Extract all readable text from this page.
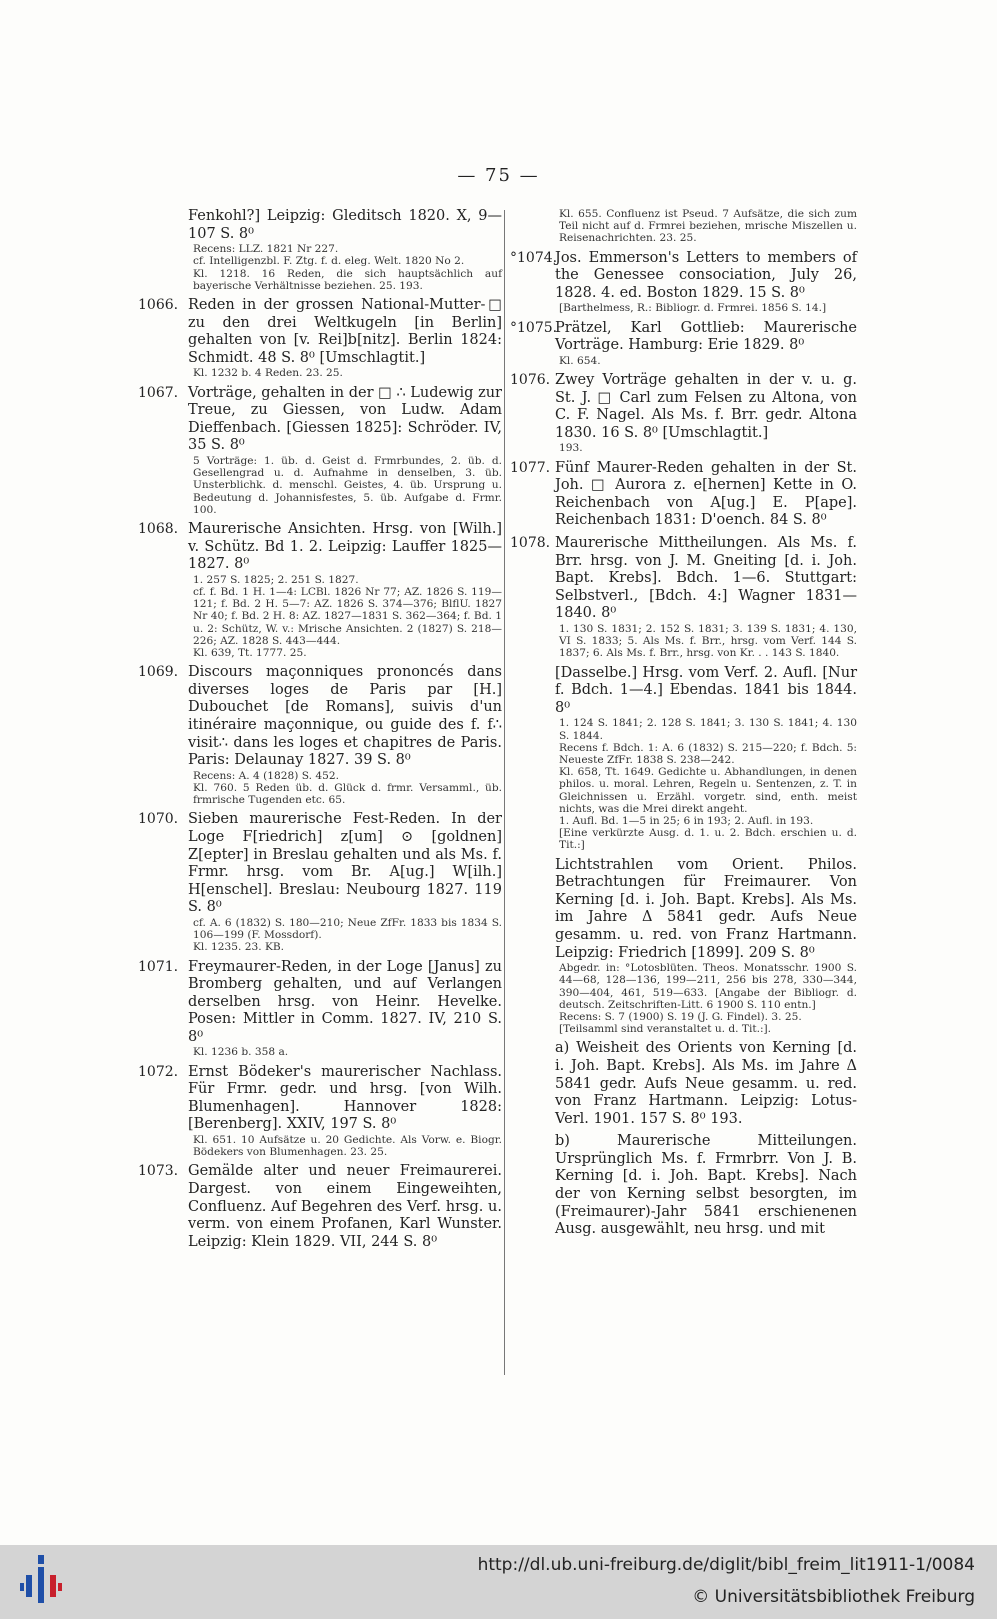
— 75 —
Fenkohl?] Leipzig: Gleditsch 1820. X, 9—107 S. 8⁰
Recens: LLZ. 1821 Nr 227.
cf. Intelligenzbl. F. Ztg. f. d. eleg. Welt. 1820 No 2.
Kl. 1218. 16 Reden, die sich hauptsächlich auf bayerische Verhältnisse beziehen. 25. 193.
1066. Reden in der grossen National-Mutter-□ zu den drei Weltkugeln [in Berlin] gehalten von [v. Rei]b[nitz]. Berlin 1824: Schmidt. 48 S. 8⁰ [Umschlagtit.]
Kl. 1232 b. 4 Reden. 23. 25.
1067. Vorträge, gehalten in der □ ∴ Ludewig zur Treue, zu Giessen, von Ludw. Adam Dieffenbach. [Giessen 1825]: Schröder. IV, 35 S. 8⁰
5 Vorträge: 1. üb. d. Geist d. Frmrbundes, 2. üb. d. Gesellengrad u. d. Aufnahme in denselben, 3. üb. Unsterblichk. d. menschl. Geistes, 4. üb. Ursprung u. Bedeutung d. Johannisfestes, 5. üb. Aufgabe d. Frmr. 100.
1068. Maurerische Ansichten. Hrsg. von [Wilh.] v. Schütz. Bd 1. 2. Leipzig: Lauffer 1825—1827. 8⁰
1. 257 S. 1825; 2. 251 S. 1827.
cf. f. Bd. 1 H. 1—4: LCBl. 1826 Nr 77; AZ. 1826 S. 119—121; f. Bd. 2 H. 5—7: AZ. 1826 S. 374—376; BlflU. 1827 Nr 40; f. Bd. 2 H. 8: AZ. 1827—1831 S. 362—364; f. Bd. 1 u. 2: Schütz, W. v.: Mrische Ansichten. 2 (1827) S. 218—226; AZ. 1828 S. 443—444.
Kl. 639, Tt. 1777. 25.
1069. Discours maçonniques prononcés dans diverses loges de Paris par [H.] Dubouchet [de Romans], suivis d'un itinéraire maçonnique, ou guide des f. f∴ visit∴ dans les loges et chapitres de Paris. Paris: Delaunay 1827. 39 S. 8⁰
Recens: A. 4 (1828) S. 452.
Kl. 760. 5 Reden üb. d. Glück d. frmr. Versamml., üb. frmrische Tugenden etc. 65.
1070. Sieben maurerische Fest-Reden. In der Loge F[riedrich] z[um] ⊙ [goldnen] Z[epter] in Breslau gehalten und als Ms. f. Frmr. hrsg. vom Br. A[ug.] W[ilh.] H[enschel]. Breslau: Neubourg 1827. 119 S. 8⁰
cf. A. 6 (1832) S. 180—210; Neue ZfFr. 1833 bis 1834 S. 106—199 (F. Mossdorf).
Kl. 1235. 23. KB.
1071. Freymaurer-Reden, in der Loge [Janus] zu Bromberg gehalten, und auf Verlangen derselben hrsg. von Heinr. Hevelke. Posen: Mittler in Comm. 1827. IV, 210 S. 8⁰
Kl. 1236 b. 358 a.
1072. Ernst Bödeker's maurerischer Nachlass. Für Frmr. gedr. und hrsg. [von Wilh. Blumenhagen]. Hannover 1828: [Berenberg]. XXIV, 197 S. 8⁰
Kl. 651. 10 Aufsätze u. 20 Gedichte. Als Vorw. e. Biogr. Bödekers von Blumenhagen. 23. 25.
1073. Gemälde alter und neuer Freimaurerei. Dargest. von einem Eingeweihten, Confluenz. Auf Begehren des Verf. hrsg. u. verm. von einem Profanen, Karl Wunster. Leipzig: Klein 1829. VII, 244 S. 8⁰
Kl. 655. Confluenz ist Pseud. 7 Aufsätze, die sich zum Teil nicht auf d. Frmrei beziehen, mrische Miszellen u. Reisenachrichten. 23. 25.
°1074.
Jos. Emmerson's Letters to members of the Genessee consociation, July 26, 1828. 4. ed. Boston 1829. 15 S. 8⁰
[Barthelmess, R.: Bibliogr. d. Frmrei. 1856 S. 14.]
°1075.
Prätzel, Karl Gottlieb: Maurerische Vorträge. Hamburg: Erie 1829. 8⁰
Kl. 654.
1076. Zwey Vorträge gehalten in der v. u. g. St. J. □ Carl zum Felsen zu Altona, von C. F. Nagel. Als Ms. f. Brr. gedr. Altona 1830. 16 S. 8⁰ [Umschlagtit.]
193.
1077. Fünf Maurer-Reden gehalten in der St. Joh. □ Aurora z. e[hernen] Kette in O. Reichenbach von A[ug.] E. P[ape]. Reichenbach 1831: D'oench. 84 S. 8⁰
1078. Maurerische Mittheilungen. Als Ms. f. Brr. hrsg. von J. M. Gneiting [d. i. Joh. Bapt. Krebs]. Bdch. 1—6. Stuttgart: Selbstverl., [Bdch. 4:] Wagner 1831—1840. 8⁰
1. 130 S. 1831; 2. 152 S. 1831; 3. 139 S. 1831; 4. 130, VI S. 1833; 5. Als Ms. f. Brr., hrsg. vom Verf. 144 S. 1837; 6. Als Ms. f. Brr., hrsg. von Kr. . . 143 S. 1840.
[Dasselbe.] Hrsg. vom Verf. 2. Aufl. [Nur f. Bdch. 1—4.] Ebendas. 1841 bis 1844. 8⁰
1. 124 S. 1841; 2. 128 S. 1841; 3. 130 S. 1841; 4. 130 S. 1844.
Recens f. Bdch. 1: A. 6 (1832) S. 215—220; f. Bdch. 5: Neueste ZfFr. 1838 S. 238—242.
Kl. 658, Tt. 1649. Gedichte u. Abhandlungen, in denen philos. u. moral. Lehren, Regeln u. Sentenzen, z. T. in Gleichnissen u. Erzähl. vorgetr. sind, enth. meist nichts, was die Mrei direkt angeht.
1. Aufl. Bd. 1—5 in 25; 6 in 193; 2. Aufl. in 193.
[Eine verkürzte Ausg. d. 1. u. 2. Bdch. erschien u. d. Tit.:]
Lichtstrahlen vom Orient. Philos. Betrachtungen für Freimaurer. Von Kerning [d. i. Joh. Bapt. Krebs]. Als Ms. im Jahre Δ 5841 gedr. Aufs Neue gesamm. u. red. von Franz Hartmann. Leipzig: Friedrich [1899]. 209 S. 8⁰
Abgedr. in: °Lotosblüten. Theos. Monatsschr. 1900 S. 44—68, 128—136, 199—211, 256 bis 278, 330—344, 390—404, 461, 519—633. [Angabe der Bibliogr. d. deutsch. Zeitschriften-Litt. 6 1900 S. 110 entn.]
Recens: S. 7 (1900) S. 19 (J. G. Findel). 3. 25.
[Teilsamml sind veranstaltet u. d. Tit.:].
a) Weisheit des Orients von Kerning [d. i. Joh. Bapt. Krebs]. Als Ms. im Jahre Δ 5841 gedr. Aufs Neue gesamm. u. red. von Franz Hartmann. Leipzig: Lotus-Verl. 1901. 157 S. 8⁰ 193.
b) Maurerische Mitteilungen. Ursprünglich Ms. f. Frmrbrr. Von J. B. Kerning [d. i. Joh. Bapt. Krebs]. Nach der von Kerning selbst besorgten, im (Freimaurer)-Jahr 5841 erschienenen Ausg. ausgewählt, neu hrsg. und mit
http://dl.ub.uni-freiburg.de/diglit/bibl_freim_lit1911-1/0084
© Universitätsbibliothek Freiburg
